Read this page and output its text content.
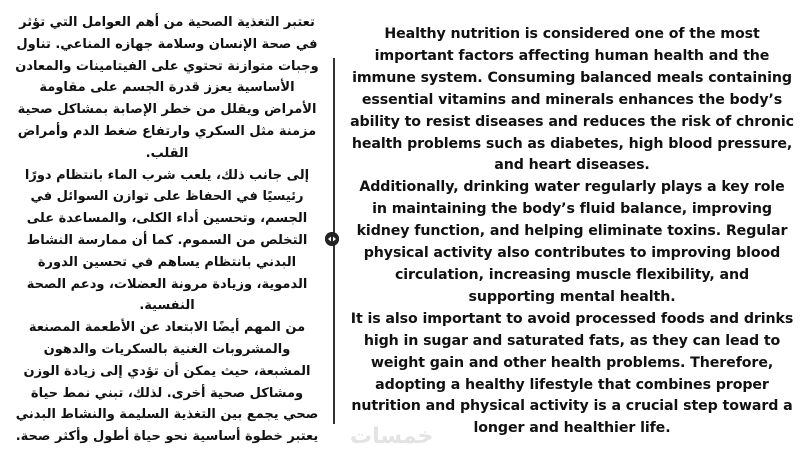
تعتبر التغذية الصحية من أهم العوامل التي تؤثر في صحة الإنسان وسلامة جهازه المناعي. تناول وجبات متوازنة تحتوي على الفيتامينات والمعادن الأساسية يعزز قدرة الجسم على مقاومة الأمراض ويقلل من خطر الإصابة بمشاكل صحية مزمنة مثل السكري وارتفاع ضغط الدم وأمراض القلب.

إلى جانب ذلك، يلعب شرب الماء بانتظام دورًا رئيسيًا في الحفاظ على توازن السوائل في الجسم، وتحسين أداء الكلى، والمساعدة على التخلص من السموم. كما أن ممارسة النشاط البدني بانتظام يساهم في تحسين الدورة الدموية، وزيادة مرونة العضلات، ودعم الصحة النفسية.

من المهم أيضًا الابتعاد عن الأطعمة المصنعة والمشروبات الغنية بالسكريات والدهون المشبعة، حيث يمكن أن تؤدي إلى زيادة الوزن ومشاكل صحية أخرى. لذلك، تبني نمط حياة صحي يجمع بين التغذية السليمة والنشاط البدني يعتبر خطوة أساسية نحو حياة أطول وأكثر صحة.

Healthy nutrition is considered one of the most important factors affecting human health and the immune system. Consuming balanced meals containing essential vitamins and minerals enhances the body’s ability to resist diseases and reduces the risk of chronic health problems such as diabetes, high blood pressure, and heart diseases.

Additionally, drinking water regularly plays a key role in maintaining the body’s fluid balance, improving kidney function, and helping eliminate toxins. Regular physical activity also contributes to improving blood circulation, increasing muscle flexibility, and supporting mental health.

It is also important to avoid processed foods and drinks high in sugar and saturated fats, as they can lead to weight gain and other health problems. Therefore, adopting a healthy lifestyle that combines proper nutrition and physical activity is a crucial step toward a longer and healthier life.

خمسات
